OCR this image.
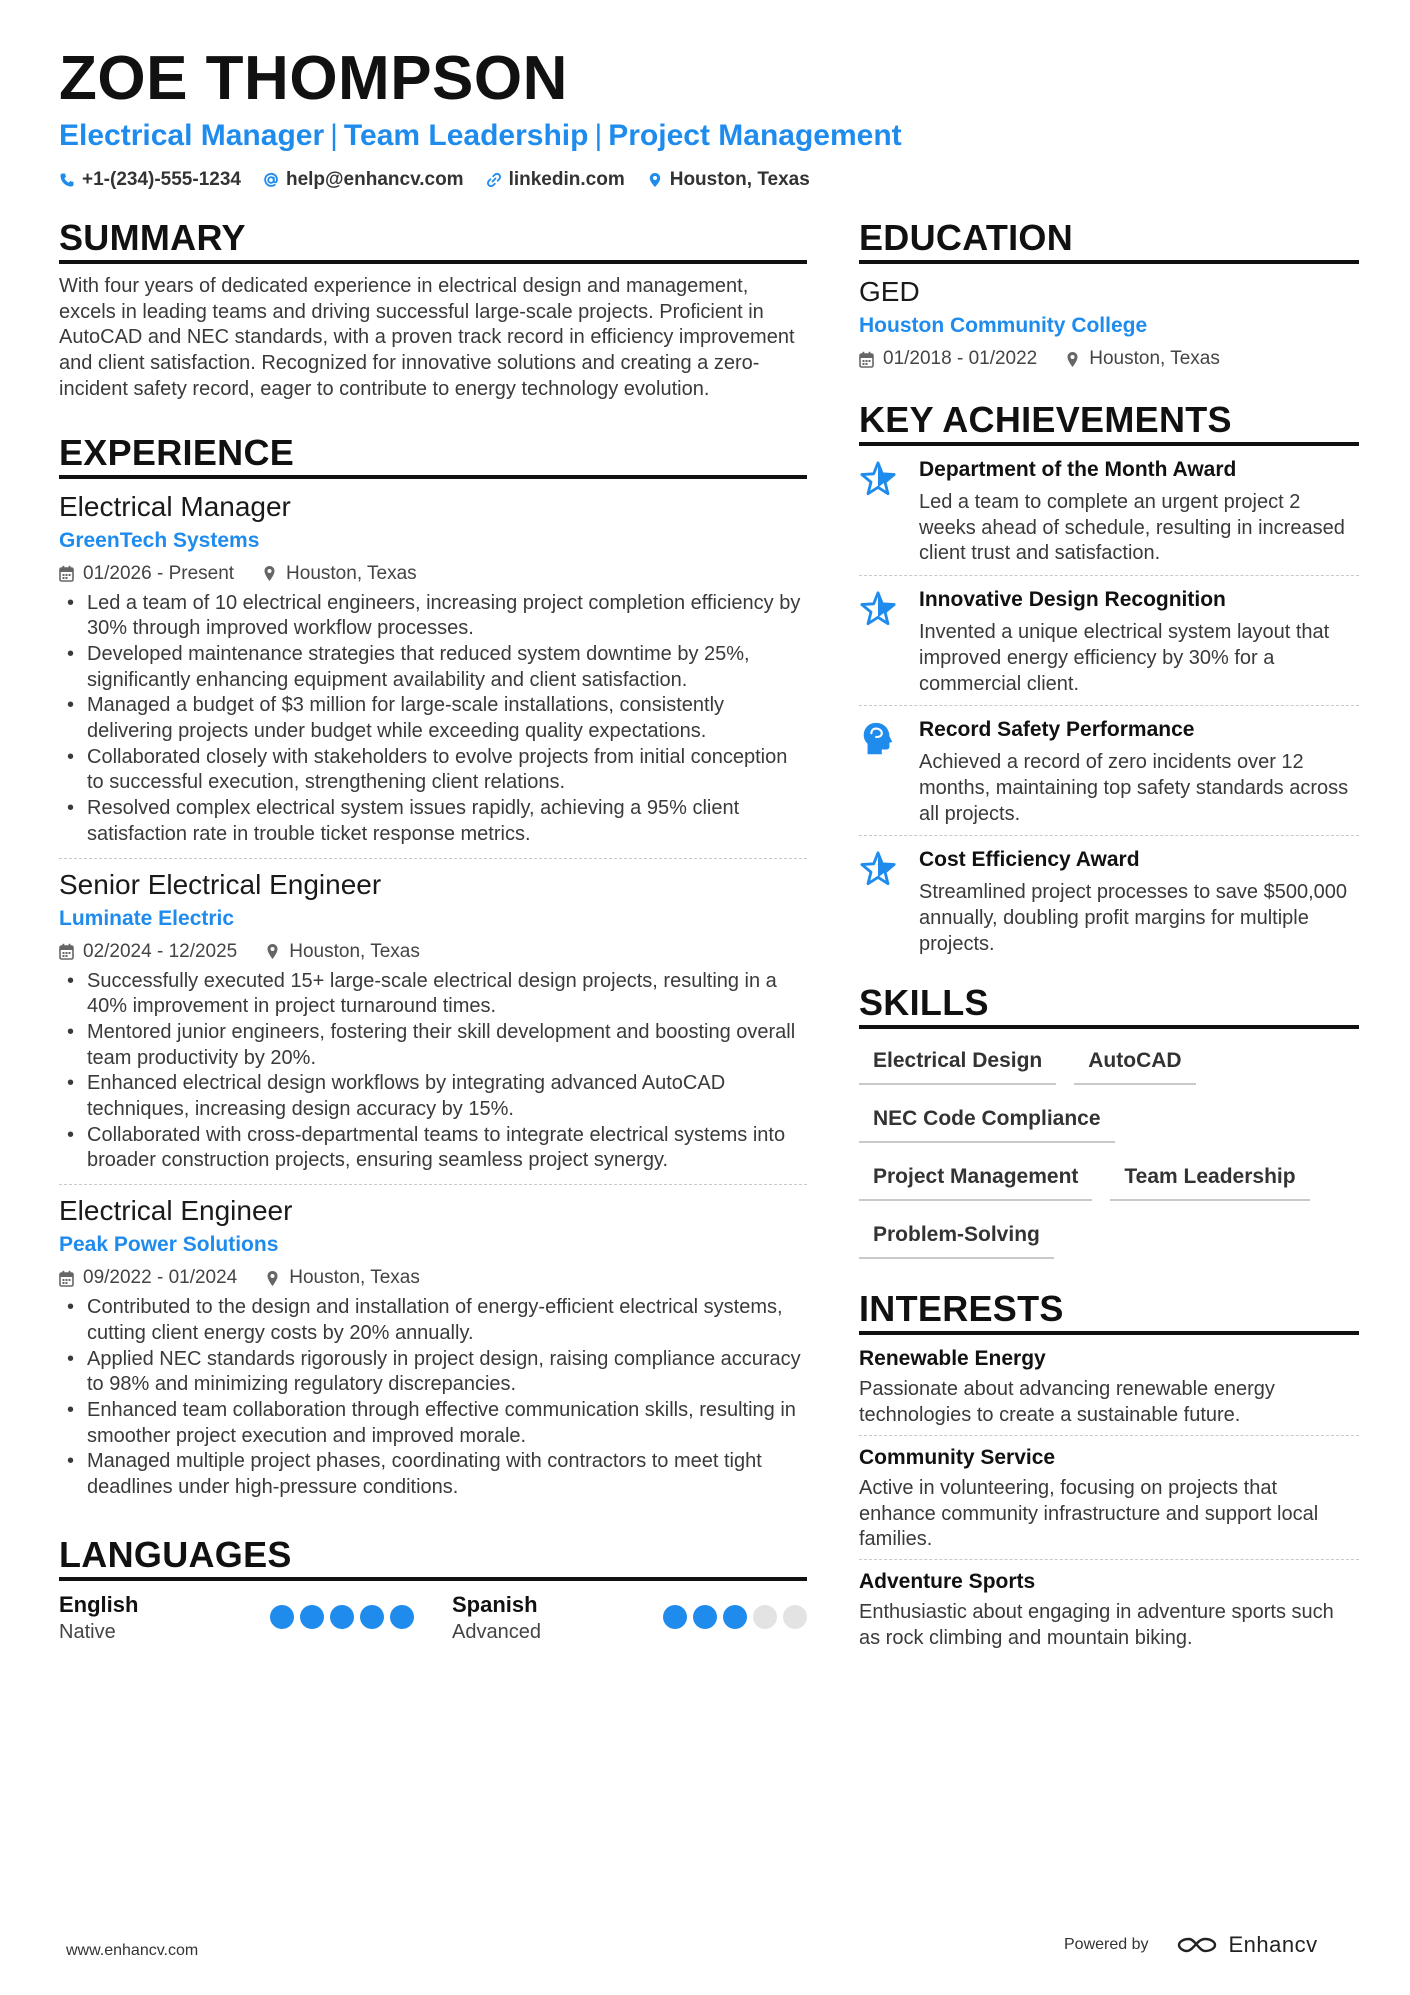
ZOE THOMPSON
Electrical Manager | Team Leadership | Project Management
+1-(234)-555-1234 help@enhancv.com linkedin.com Houston, Texas
SUMMARY

With four years of dedicated experience in electrical design and management, excels in leading teams and driving successful large-scale projects. Proficient in AutoCAD and NEC standards, with a proven track record in efficiency improvement and client satisfaction. Recognized for innovative solutions and creating a zero-incident safety record, eager to contribute to energy technology evolution.

EXPERIENCE
Electrical Manager
GreenTech Systems
01/2026 - Present	Houston, Texas
• Led a team of 10 electrical engineers, increasing project completion efficiency by 30% through improved workflow processes.
• Developed maintenance strategies that reduced system downtime by 25%, significantly enhancing equipment availability and client satisfaction.
• Managed a budget of $3 million for large-scale installations, consistently delivering projects under budget while exceeding quality expectations.
• Collaborated closely with stakeholders to evolve projects from initial conception to successful execution, strengthening client relations.
• Resolved complex electrical system issues rapidly, achieving a 95% client satisfaction rate in trouble ticket response metrics.
Senior Electrical Engineer
Luminate Electric
02/2024 - 12/2025	Houston, Texas
• Successfully executed 15+ large-scale electrical design projects, resulting in a 40% improvement in project turnaround times.
• Mentored junior engineers, fostering their skill development and boosting overall team productivity by 20%.
• Enhanced electrical design workflows by integrating advanced AutoCAD techniques, increasing design accuracy by 15%.
• Collaborated with cross-departmental teams to integrate electrical systems into broader construction projects, ensuring seamless project synergy.
Electrical Engineer
Peak Power Solutions
09/2022 - 01/2024	Houston, Texas
• Contributed to the design and installation of energy-efficient electrical systems, cutting client energy costs by 20% annually.
• Applied NEC standards rigorously in project design, raising compliance accuracy to 98% and minimizing regulatory discrepancies.
• Enhanced team collaboration through effective communication skills, resulting in smoother project execution and improved morale.
• Managed multiple project phases, coordinating with contractors to meet tight deadlines under high-pressure conditions.
LANGUAGES
English
Native
Spanish
Advanced
EDUCATION
GED
Houston Community College
01/2018 - 01/2022	Houston, Texas
KEY ACHIEVEMENTS
Department of the Month Award
Led a team to complete an urgent project 2 weeks ahead of schedule, resulting in increased client trust and satisfaction.
Innovative Design Recognition
Invented a unique electrical system layout that improved energy efficiency by 30% for a commercial client.
Record Safety Performance
Achieved a record of zero incidents over 12 months, maintaining top safety standards across all projects.
Cost Efficiency Award
Streamlined project processes to save $500,000 annually, doubling profit margins for multiple projects.
SKILLS
Electrical Design	AutoCAD
NEC Code Compliance
Project Management	Team Leadership
Problem-Solving
INTERESTS
Renewable Energy
Passionate about advancing renewable energy technologies to create a sustainable future.
Community Service
Active in volunteering, focusing on projects that enhance community infrastructure and support local families.
Adventure Sports
Enthusiastic about engaging in adventure sports such as rock climbing and mountain biking.
www.enhancv.com	Powered by	Enhancv
